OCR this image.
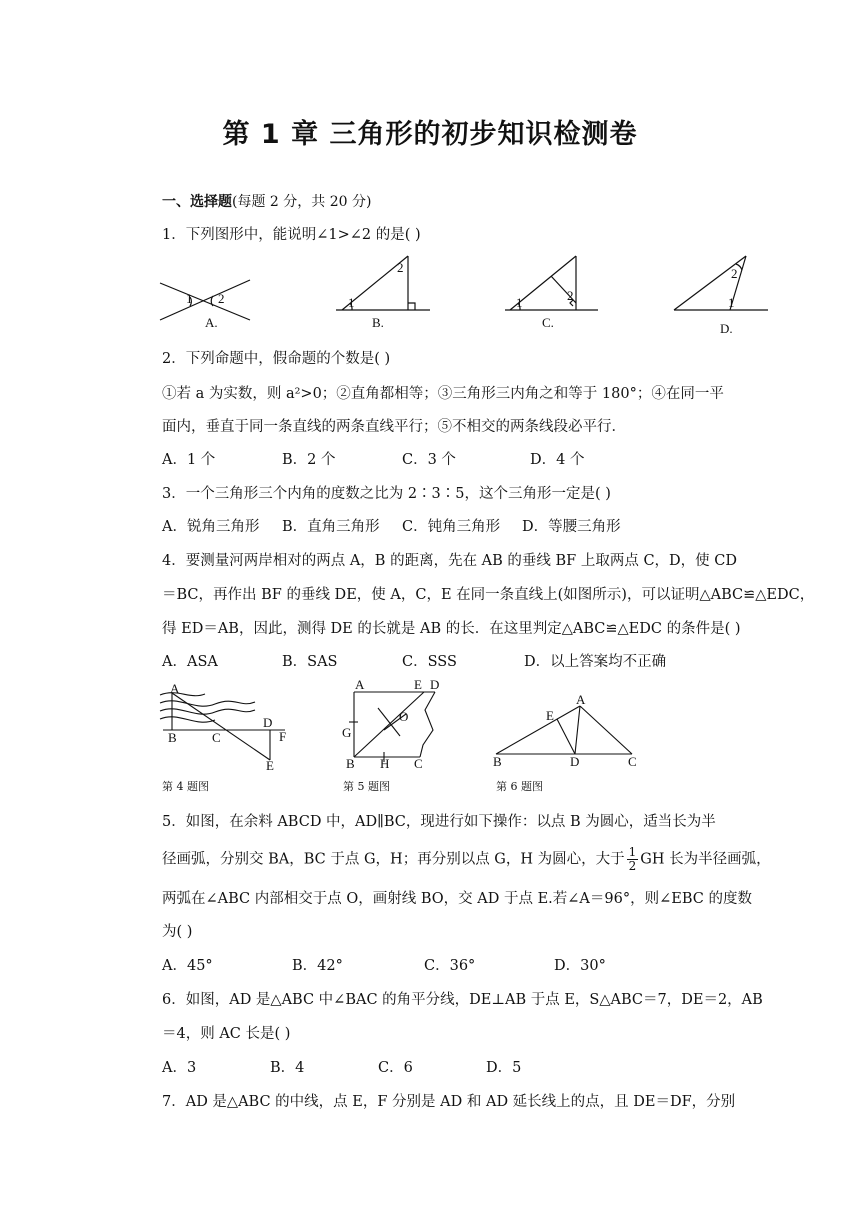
第 1 章 三角形的初步知识检测卷
一、选择题(每题 2 分，共 20 分)
1．下列图形中，能说明∠1>∠2 的是( )
1 2	1
2
1	2	1
2
A.	B.	C.	D.
A
B	C
D
F
E
A	E D
O
G
B H C
A
E
B	D	C
2．下列命题中，假命题的个数是( )
①若 a 为实数，则 a²>0；②直角都相等；③三角形三内角之和等于 180°；④在同一平
面内，垂直于同一条直线的两条直线平行；⑤不相交的两条线段必平行．
A．1 个	B．2 个	C．3 个	D．4 个
3．一个三角形三个内角的度数之比为 2∶3∶5，这个三角形一定是( )
A．锐角三角形 B．直角三角形 C．钝角三角形 D．等腰三角形
4．要测量河两岸相对的两点 A，B 的距离，先在 AB 的垂线 BF 上取两点 C，D，使 CD
＝BC，再作出 BF 的垂线 DE，使 A，C，E 在同一条直线上(如图所示)，可以证明△ABC≌△EDC，
得 ED＝AB，因此，测得 DE 的长就是 AB 的长．在这里判定△ABC≌△EDC 的条件是( )
A．ASA	B．SAS	C．SSS	D．以上答案均不正确
第 4 题图	第 5 题图	第 6 题图
5．如图，在余料 ABCD 中，AD∥BC，现进行如下操作：以点 B 为圆心，适当长为半
径画弧，分别交 BA，BC 于点 G，H；再分别以点 G，H 为圆心，大于 $\frac{1}{2}$ GH 长为半径画弧，
两弧在∠ABC 内部相交于点 O，画射线 BO，交 AD 于点 E.若∠A＝96°，则∠EBC 的度数
为( )
A．45°	B．42°	C．36°	D．30°
6．如图，AD 是△ABC 中∠BAC 的角平分线，DE⊥AB 于点 E，S△ABC＝7，DE＝2，AB
＝4，则 AC 长是( )
A．3	B．4	C．6	D．5
7．AD 是△ABC 的中线，点 E，F 分别是 AD 和 AD 延长线上的点，且 DE＝DF，分别
